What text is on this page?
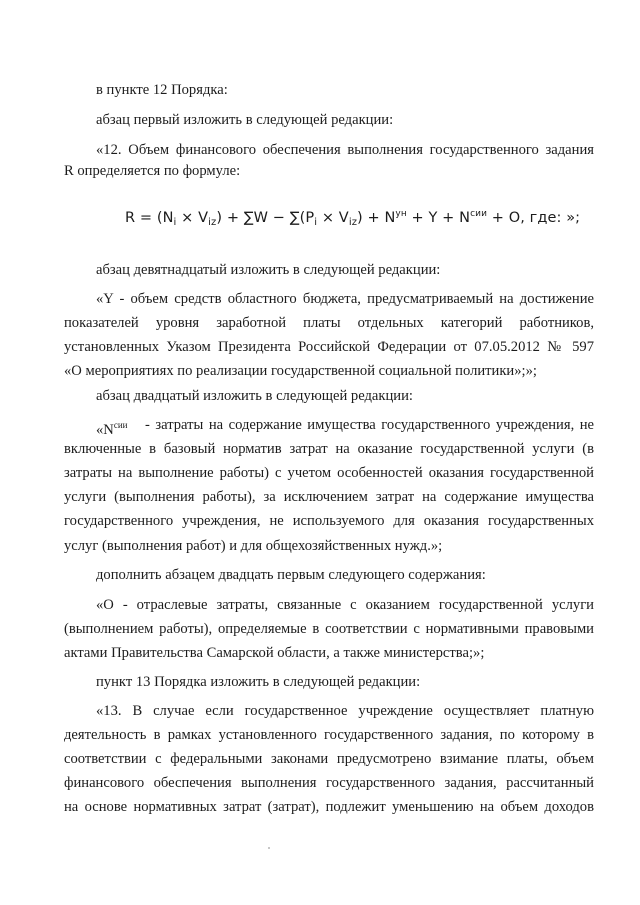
в пункте 12 Порядка:
абзац первый изложить в следующей редакции:
«12. Объем финансового обеспечения выполнения государственного задания
R определяется по формуле:
$R = (N_i \times V_{iz}) + \sum W - \sum(P_i \times V_{iz}) + N^{ун} + Y + N^{сии} + O$, где: »;
абзац девятнадцатый изложить в следующей редакции:
«Y - объем средств областного бюджета, предусматриваемый на достижение
показателей уровня заработной платы отдельных категорий работников,
установленных Указом Президента Российской Федерации от 07.05.2012 № 597
«О мероприятиях по реализации государственной социальной политики»;»;
абзац двадцатый изложить в следующей редакции:
«$N^{сии}$ - затраты на содержание имущества государственного учреждения, не
включенные в базовый норматив затрат на оказание государственной услуги (в
затраты на выполнение работы) с учетом особенностей оказания государственной
услуги (выполнения работы), за исключением затрат на содержание имущества
государственного учреждения, не используемого для оказания государственных
услуг (выполнения работ) и для общехозяйственных нужд.»;
дополнить абзацем двадцать первым следующего содержания:
«О - отраслевые затраты, связанные с оказанием государственной услуги
(выполнением работы), определяемые в соответствии с нормативными правовыми
актами Правительства Самарской области, а также министерства;»;
пункт 13 Порядка изложить в следующей редакции:
«13. В случае если государственное учреждение осуществляет платную
деятельность в рамках установленного государственного задания, по которому в
соответствии с федеральными законами предусмотрено взимание платы, объем
финансового обеспечения выполнения государственного задания, рассчитанный
на основе нормативных затрат (затрат), подлежит уменьшению на объем доходов
